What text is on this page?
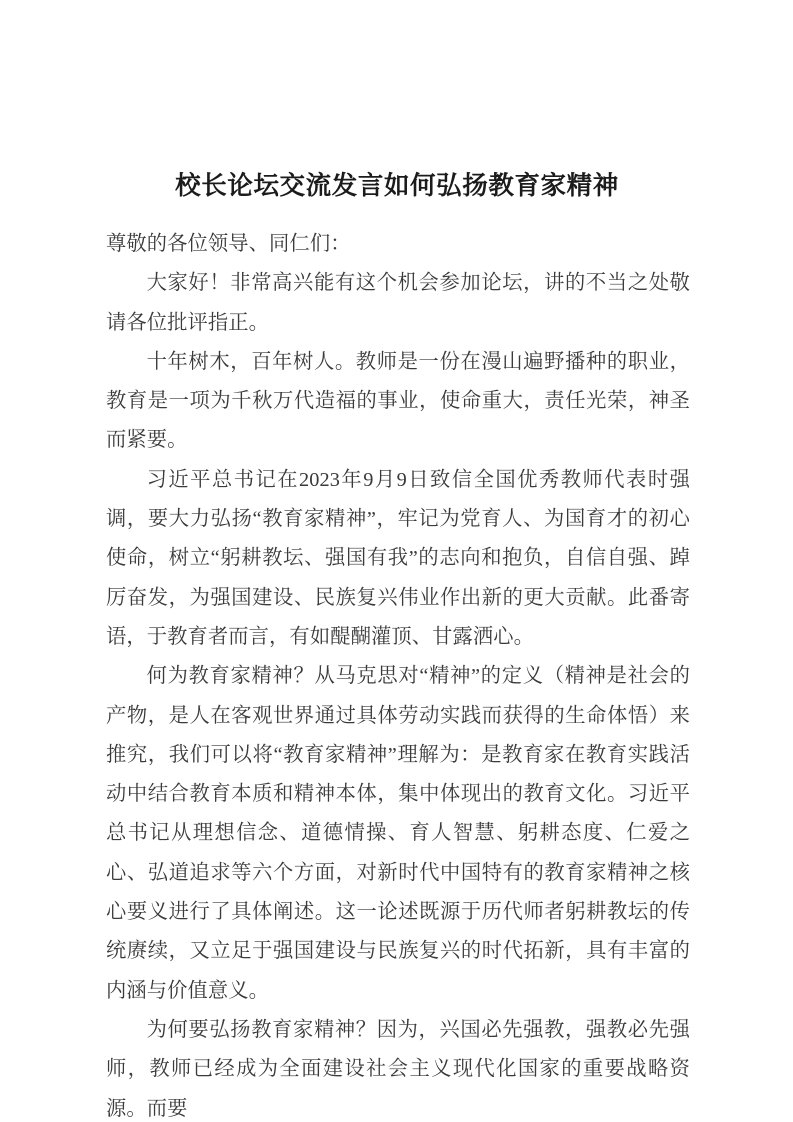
校长论坛交流发言如何弘扬教育家精神

尊敬的各位领导、同仁们：

大家好！非常高兴能有这个机会参加论坛，讲的不当之处敬请各位批评指正。

十年树木，百年树人。教师是一份在漫山遍野播种的职业，教育是一项为千秋万代造福的事业，使命重大，责任光荣，神圣而紧要。

习近平总书记在2023年9月9日致信全国优秀教师代表时强调，要大力弘扬“教育家精神”，牢记为党育人、为国育才的初心使命，树立“躬耕教坛、强国有我”的志向和抱负，自信自强、踔厉奋发，为强国建设、民族复兴伟业作出新的更大贡献。此番寄语，于教育者而言，有如醍醐灌顶、甘露洒心。

何为教育家精神？从马克思对“精神”的定义（精神是社会的产物，是人在客观世界通过具体劳动实践而获得的生命体悟）来推究，我们可以将“教育家精神”理解为：是教育家在教育实践活动中结合教育本质和精神本体，集中体现出的教育文化。习近平总书记从理想信念、道德情操、育人智慧、躬耕态度、仁爱之心、弘道追求等六个方面，对新时代中国特有的教育家精神之核心要义进行了具体阐述。这一论述既源于历代师者躬耕教坛的传统赓续，又立足于强国建设与民族复兴的时代拓新，具有丰富的内涵与价值意义。

为何要弘扬教育家精神？因为，兴国必先强教，强教必先强师，教师已经成为全面建设社会主义现代化国家的重要战略资源。而要
